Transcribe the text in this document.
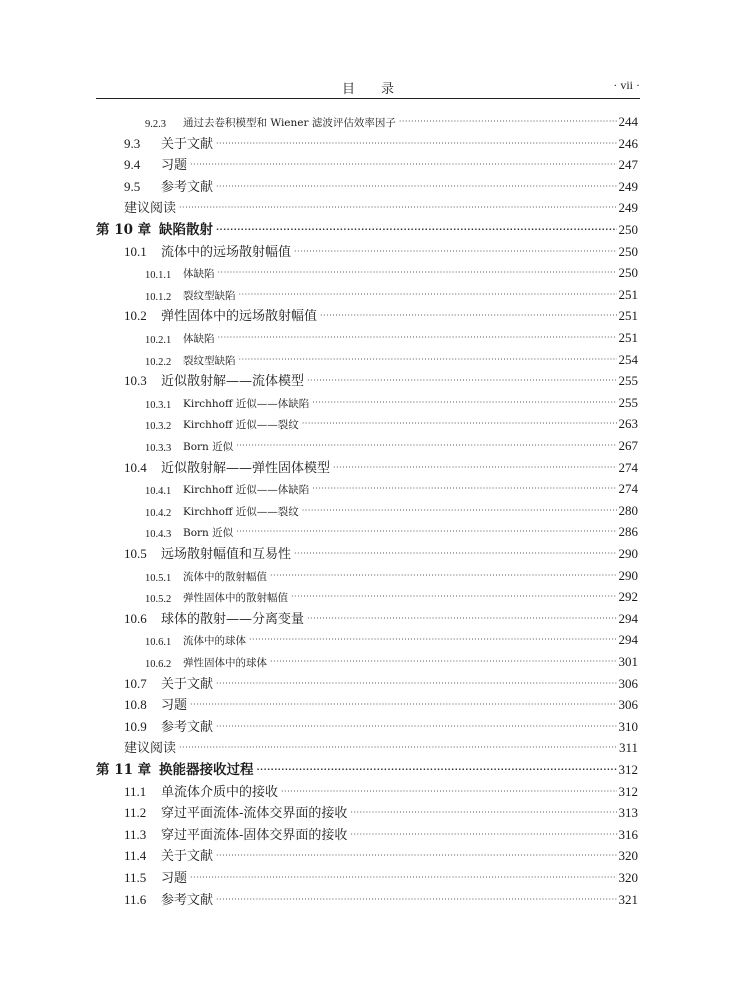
目录	· vii ·
9.2.3	通过去卷积模型和 Wiener 滤波评估效率因子 ·····	244
9.3	关于文献 ·····	246
9.4	习题 ·····	247
9.5	参考文献 ·····	249
建议阅读 ·····	249
第 10 章 缺陷散射 ·····	250
10.1	流体中的远场散射幅值 ·····	250
10.1.1	体缺陷 ·····	250
10.1.2	裂纹型缺陷 ·····	251
10.2	弹性固体中的远场散射幅值 ·····	251
10.2.1	体缺陷 ·····	251
10.2.2	裂纹型缺陷 ·····	254
10.3	近似散射解——流体模型 ·····	255
10.3.1	Kirchhoff 近似——体缺陷 ·····	255
10.3.2	Kirchhoff 近似——裂纹 ·····	263
10.3.3	Born 近似 ·····	267
10.4	近似散射解——弹性固体模型 ·····	274
10.4.1	Kirchhoff 近似——体缺陷 ·····	274
10.4.2	Kirchhoff 近似——裂纹 ·····	280
10.4.3	Born 近似 ·····	286
10.5	远场散射幅值和互易性 ·····	290
10.5.1	流体中的散射幅值 ·····	290
10.5.2	弹性固体中的散射幅值 ·····	292
10.6	球体的散射——分离变量 ·····	294
10.6.1	流体中的球体 ·····	294
10.6.2	弹性固体中的球体 ·····	301
10.7	关于文献 ·····	306
10.8	习题 ·····	306
10.9	参考文献 ·····	310
建议阅读 ·····	311
第 11 章 换能器接收过程 ·····	312
11.1	单流体介质中的接收 ·····	312
11.2	穿过平面流体-流体交界面的接收 ·····	313
11.3	穿过平面流体-固体交界面的接收 ·····	316
11.4	关于文献 ·····	320
11.5	习题 ·····	320
11.6	参考文献 ·····	321
